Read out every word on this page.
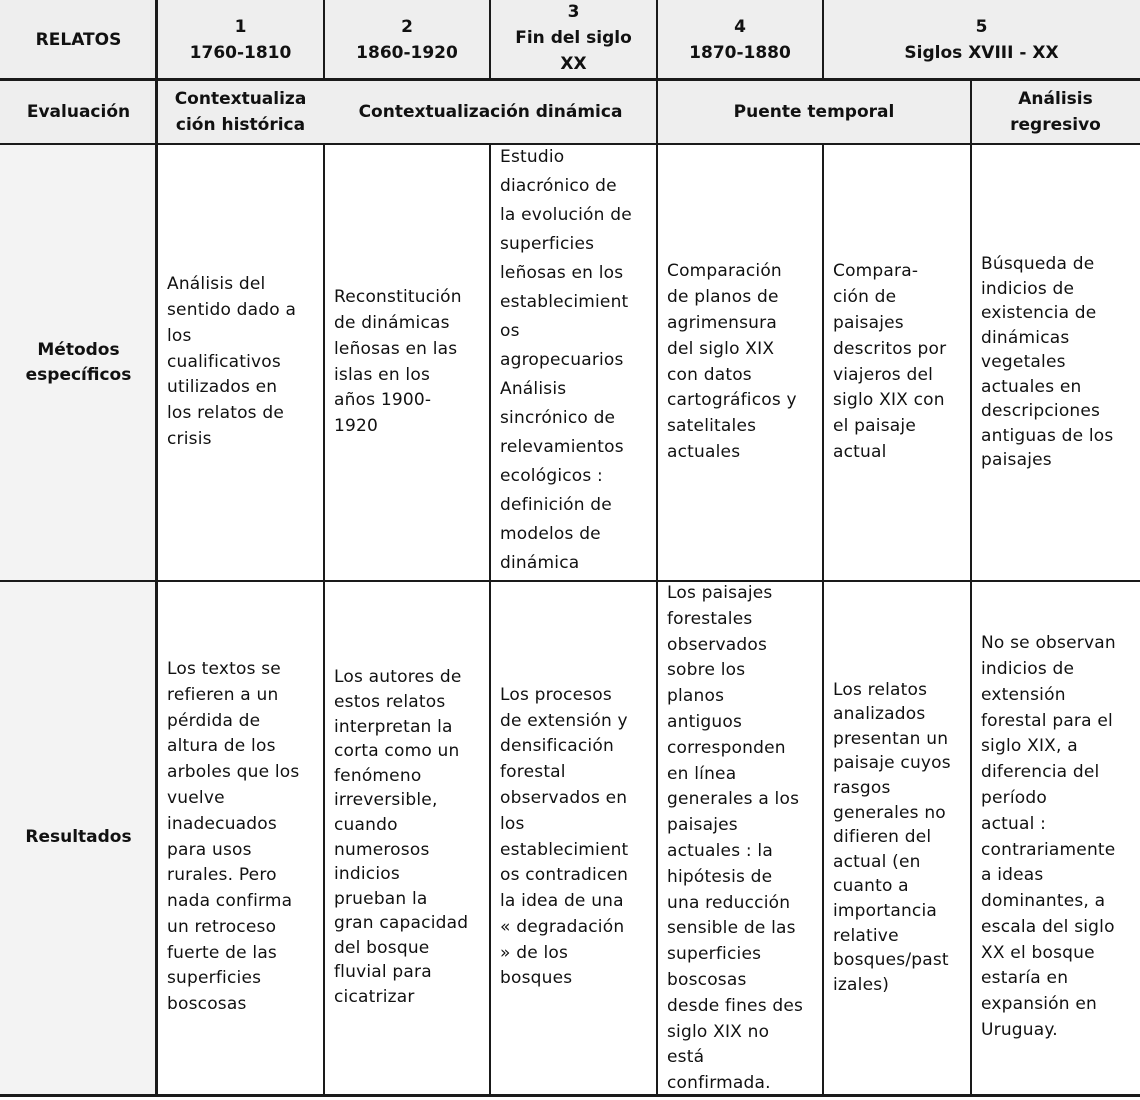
RELATOS
1
1760-1810
2
1860-1920
3
Fin del siglo
XX
4
1870-1880
5
Siglos XVIII - XX
Evaluación
Contextualiza
ción histórica
Contextualización dinámica	Puente temporal
Análisis
regresivo
Métodos
específicos
Análisis del
sentido dado a
los
cualificativos
utilizados en
los relatos de
crisis
Reconstitución
de dinámicas
leñosas en las
islas en los
años 1900-
1920
Estudio
diacrónico de
la evolución de
superficies
leñosas en los
establecimient
os
agropecuarios
Análisis
sincrónico de
relevamientos
ecológicos :
definición de
modelos de
dinámica

Comparación
de planos de
agrimensura
del siglo XIX
con datos
cartográficos y
satelitales
actuales
Compara-
ción de
paisajes
descritos por
viajeros del
siglo XIX con
el paisaje
actual
Búsqueda de
indicios de
existencia de
dinámicas
vegetales
actuales en
descripciones
antiguas de los
paisajes
Resultados
Los textos se
refieren a un
pérdida de
altura de los
arboles que los
vuelve
inadecuados
para usos
rurales. Pero
nada confirma
un retroceso
fuerte de las
superficies
boscosas
Los autores de
estos relatos
interpretan la
corta como un
fenómeno
irreversible,
cuando
numerosos
indicios
prueban la
gran capacidad
del bosque
fluvial para
cicatrizar
Los procesos
de extensión y
densificación
forestal
observados en
los
establecimient
os contradicen
la idea de una
« degradación
» de los
bosques
Los paisajes
forestales
observados
sobre los
planos
antiguos
corresponden
en línea
generales a los
paisajes
actuales : la
hipótesis de
una reducción
sensible de las
superficies
boscosas
desde fines des
siglo XIX no
está
confirmada.
Los relatos
analizados
presentan un
paisaje cuyos
rasgos
generales no
difieren del
actual (en
cuanto a
importancia
relative
bosques/past
izales)
No se observan
indicios de
extensión
forestal para el
siglo XIX, a
diferencia del
período
actual :
contrariamente
a ideas
dominantes, a
escala del siglo
XX el bosque
estaría en
expansión en
Uruguay.
